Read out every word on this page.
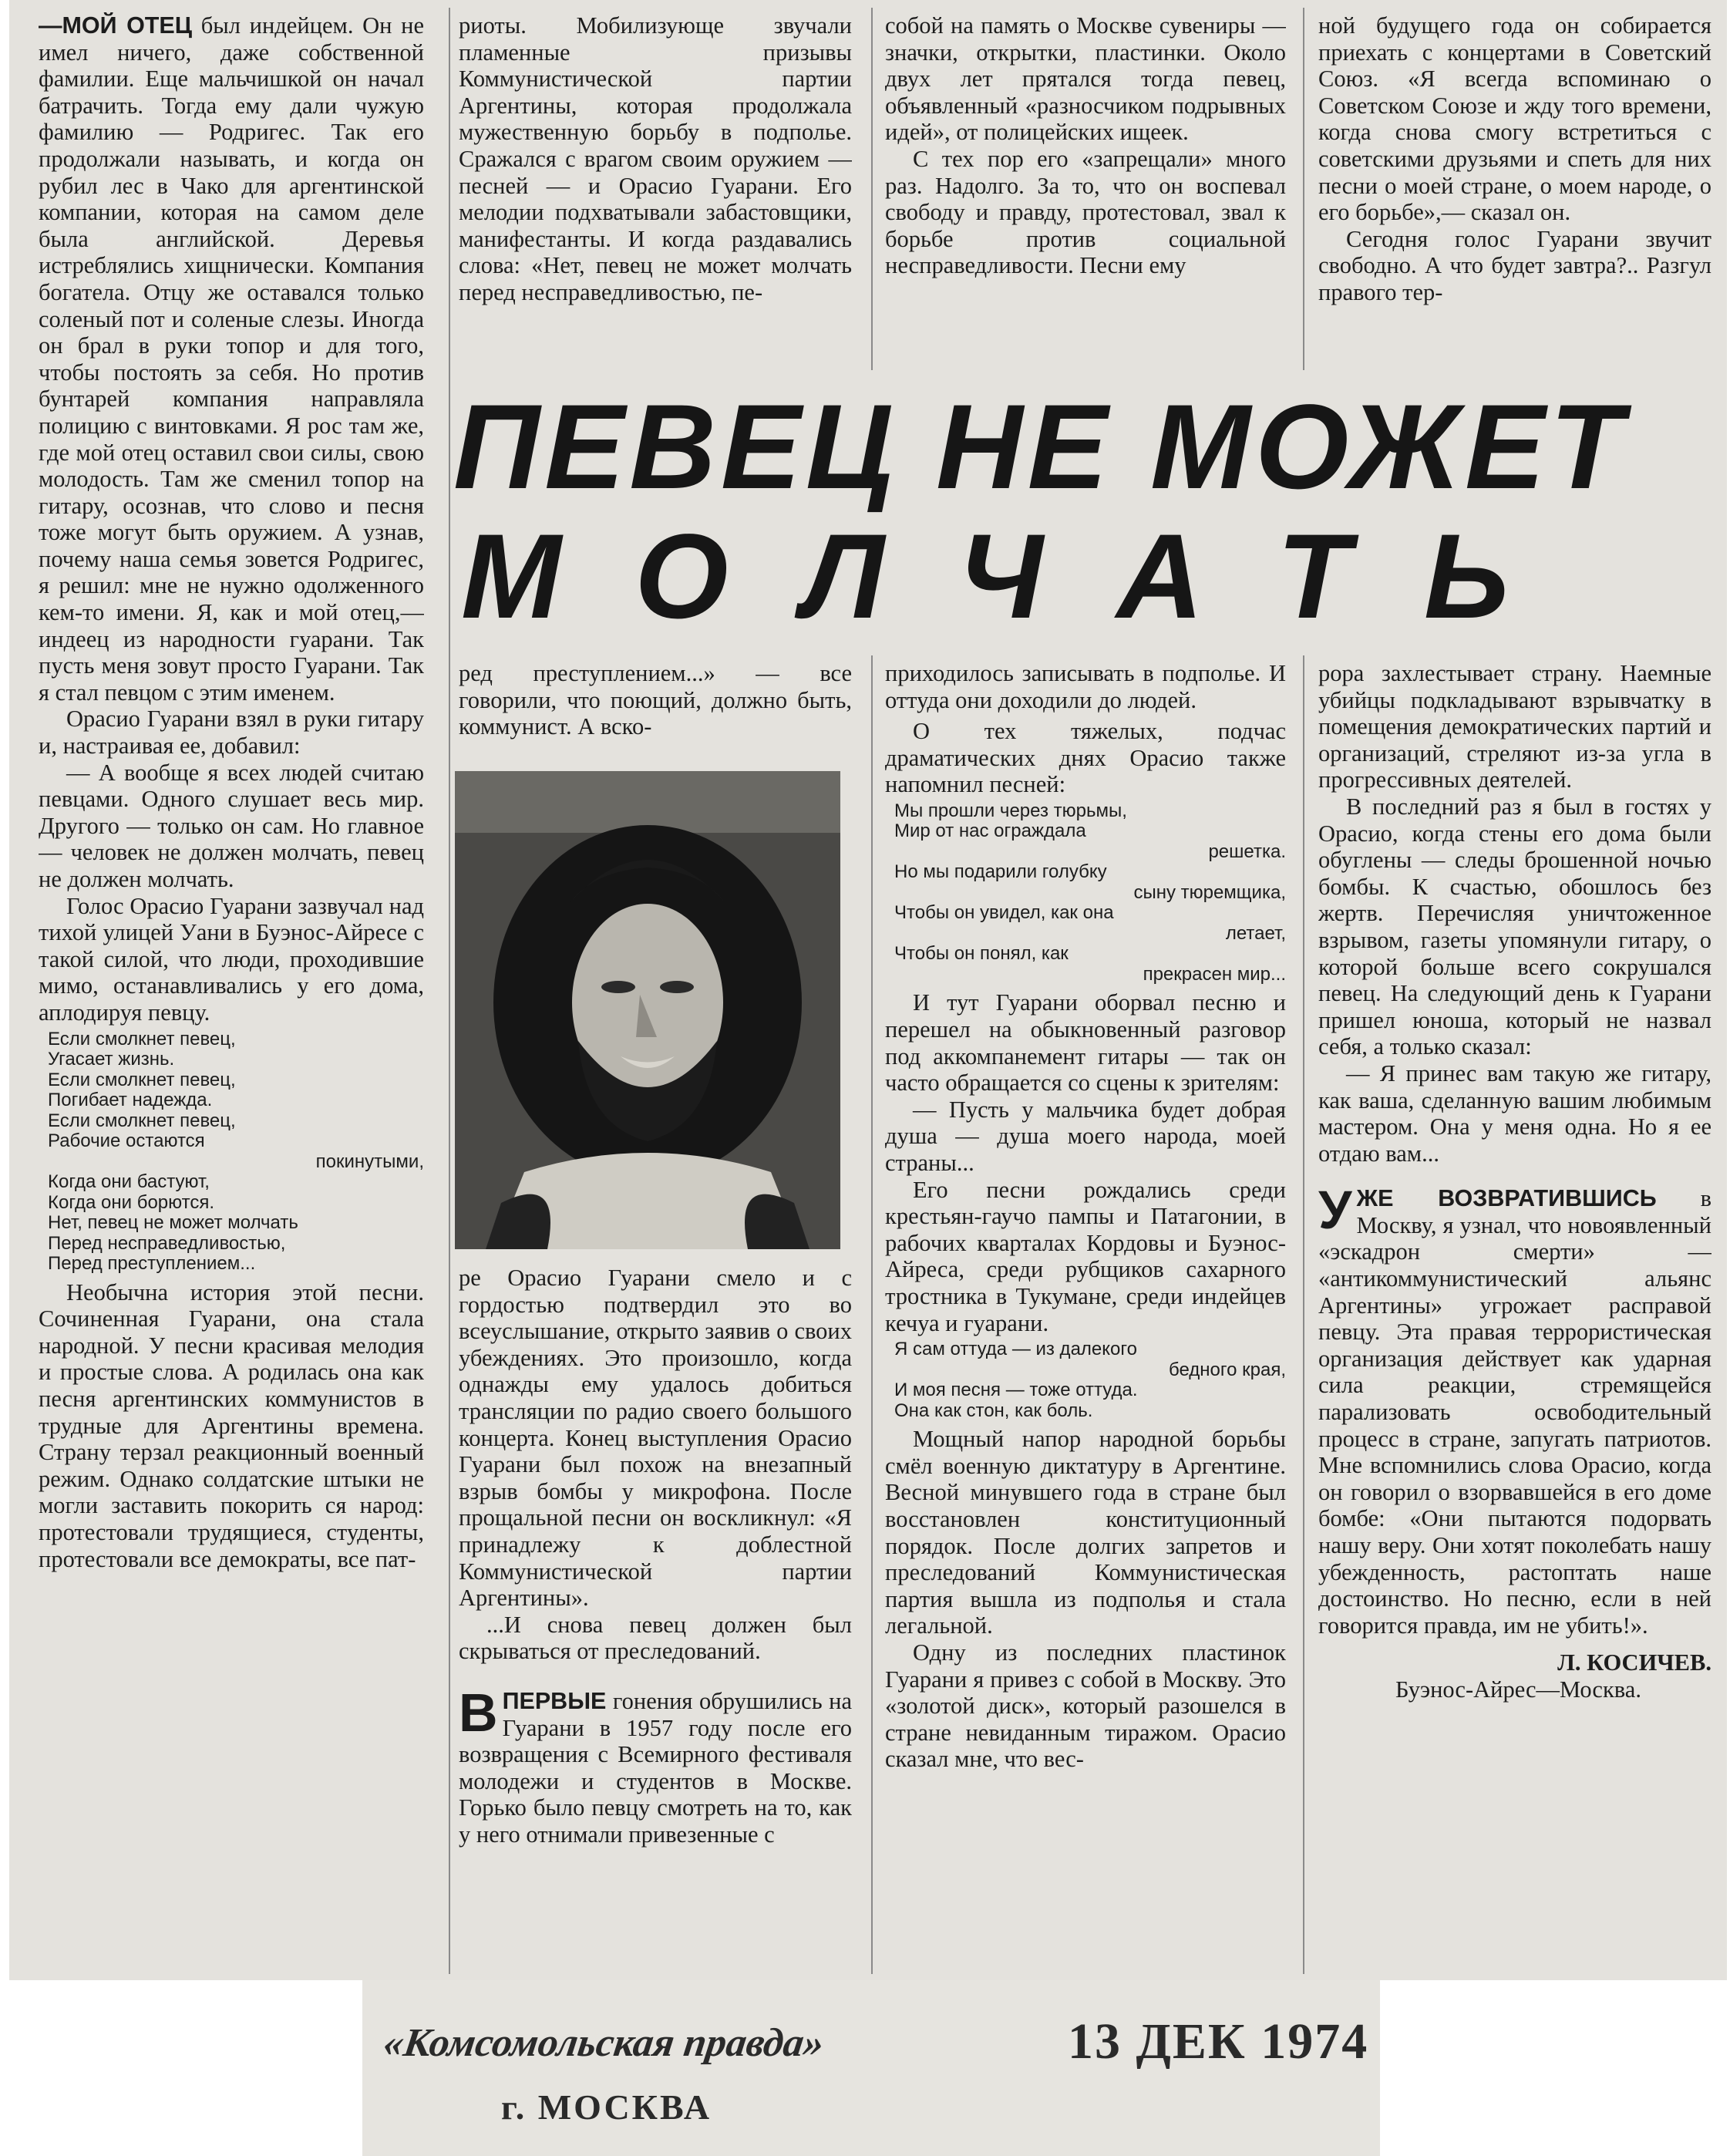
—МОЙ ОТЕЦ был индейцем. Он не имел ничего, даже собственной фамилии. Еще мальчишкой он начал батрачить. Тогда ему дали чужую фамилию — Родригес. Так его продолжали называть, и когда он рубил лес в Чако для аргентинской компании, которая на самом деле была английской. Деревья истреблялись хищнически. Компания богатела. Отцу же оставался только соленый пот и соленые слезы. Иногда он брал в руки топор и для того, чтобы постоять за себя. Но против бунтарей компания направляла полицию с винтовками. Я рос там же, где мой отец оставил свои силы, свою молодость. Там же сменил топор на гитару, осознав, что слово и песня тоже могут быть оружием. А узнав, почему наша семья зовется Родригес, я решил: мне не нужно одолженного кем-то имени. Я, как и мой отец,— индеец из народности гуарани. Так пусть меня зовут просто Гуарани. Так я стал певцом с этим именем.

Орасио Гуарани взял в руки гитару и, настраивая ее, добавил:

— А вообще я всех людей считаю певцами. Одного слушает весь мир. Другого — только он сам. Но главное — человек не должен молчать, певец не должен молчать.

Голос Орасио Гуарани зазвучал над тихой улицей Уани в Буэнос-Айресе с такой силой, что люди, проходившие мимо, останавливались у его дома, аплодируя певцу.

Если смолкнет певец,
Угасает жизнь.
Если смолкнет певец,
Погибает надежда.
Если смолкнет певец,
Рабочие остаются
покинутыми,
Когда они бастуют,
Когда они борются.
Нет, певец не может молчать
Перед несправедливостью,
Перед преступлением...

Необычна история этой песни. Сочиненная Гуарани, она стала народной. У песни красивая мелодия и простые слова. А родилась она как песня аргентинских коммунистов в трудные для Аргентины времена. Страну терзал реакционный военный режим. Однако солдатские штыки не могли заставить покорить ся народ: протестовали трудящиеся, студенты, протестовали все демократы, все пат-

риоты. Мобилизующе звучали пламенные призывы Коммунистической партии Аргентины, которая продолжала мужественную борьбу в подполье. Сражался с врагом своим оружием — песней — и Орасио Гуарани. Его мелодии подхватывали забастовщики, манифестанты. И когда раздавались слова: «Нет, певец не может молчать перед несправедливостью, пе-

собой на память о Москве сувениры — значки, открытки, пластинки. Около двух лет прятался тогда певец, объявленный «разносчиком подрывных идей», от полицейских ищеек.

С тех пор его «запрещали» много раз. Надолго. За то, что он воспевал свободу и правду, протестовал, звал к борьбе против социальной несправедливости. Песни ему

ной будущего года он собирается приехать с концертами в Советский Союз. «Я всегда вспоминаю о Советском Союзе и жду того времени, когда снова смогу встретиться с советскими друзьями и спеть для них песни о моей стране, о моем народе, о его борьбе»,— сказал он.

Сегодня голос Гуарани звучит свободно. А что будет завтра?.. Разгул правого тер-

ПЕВЕЦ НЕ МОЖЕТ
М О Л Ч А Т Ь

ред преступлением...» — все говорили, что поющий, должно быть, коммунист. А вско-

ре Орасио Гуарани смело и с гордостью подтвердил это во всеуслышание, открыто заявив о своих убеждениях. Это произошло, когда однажды ему удалось добиться трансляции по радио своего большого концерта. Конец выступления Орасио Гуарани был похож на внезапный взрыв бомбы у микрофона. После прощальной песни он воскликнул: «Я принадлежу к доблестной Коммунистической партии Аргентины».

...И снова певец должен был скрываться от преследований.

ВПЕРВЫЕ гонения обрушились на Гуарани в 1957 году после его возвращения с Всемирного фестиваля молодежи и студентов в Москве. Горько было певцу смотреть на то, как у него отнимали привезенные с

приходилось записывать в подполье. И оттуда они доходили до людей.

О тех тяжелых, подчас драматических днях Орасио также напомнил песней:

Мы прошли через тюрьмы,
Мир от нас ограждала
решетка.
Но мы подарили голубку
сыну тюремщика,
Чтобы он увидел, как она
летает,
Чтобы он понял, как
прекрасен мир...

И тут Гуарани оборвал песню и перешел на обыкновенный разговор под аккомпанемент гитары — так он часто обращается со сцены к зрителям:

— Пусть у мальчика будет добрая душа — душа моего народа, моей страны...

Его песни рождались среди крестьян-гаучо пампы и Патагонии, в рабочих кварталах Кордовы и Буэнос-Айреса, среди рубщиков сахарного тростника в Тукумане, среди индейцев кечуа и гуарани.

Я сам оттуда — из далекого
бедного края,
И моя песня — тоже оттуда.
Она как стон, как боль.

Мощный напор народной борьбы смёл военную диктатуру в Аргентине. Весной минувшего года в стране был восстановлен конституционный порядок. После долгих запретов и преследований Коммунистическая партия вышла из подполья и стала легальной.

Одну из последних пластинок Гуарани я привез с собой в Москву. Это «золотой диск», который разошелся в стране невиданным тиражом. Орасио сказал мне, что вес-

рора захлестывает страну. Наемные убийцы подкладывают взрывчатку в помещения демократических партий и организаций, стреляют из-за угла в прогрессивных деятелей.

В последний раз я был в гостях у Орасио, когда стены его дома были обуглены — следы брошенной ночью бомбы. К счастью, обошлось без жертв. Перечисляя уничтоженное взрывом, газеты упомянули гитару, о которой больше всего сокрушался певец. На следующий день к Гуарани пришел юноша, который не назвал себя, а только сказал:

— Я принес вам такую же гитару, как ваша, сделанную вашим любимым мастером. Она у меня одна. Но я ее отдаю вам...

УЖЕ ВОЗВРАТИВШИСЬ в Москву, я узнал, что новоявленный «эскадрон смерти» — «антикоммунистический альянс Аргентины» угрожает расправой певцу. Эта правая террористическая организация действует как ударная сила реакции, стремящейся парализовать освободительный процесс в стране, запугать патриотов. Мне вспомнились слова Орасио, когда он говорил о взорвавшейся в его доме бомбе: «Они пытаются подорвать нашу веру. Они хотят поколебать нашу убежденность, растоптать наше достоинство. Но песню, если в ней говорится правда, им не убить!».

Л. КОСИЧЕВ.

Буэнос-Айрес—Москва.

«Комсомольская правда»
г. МОСКВА
13 ДЕК 1974
